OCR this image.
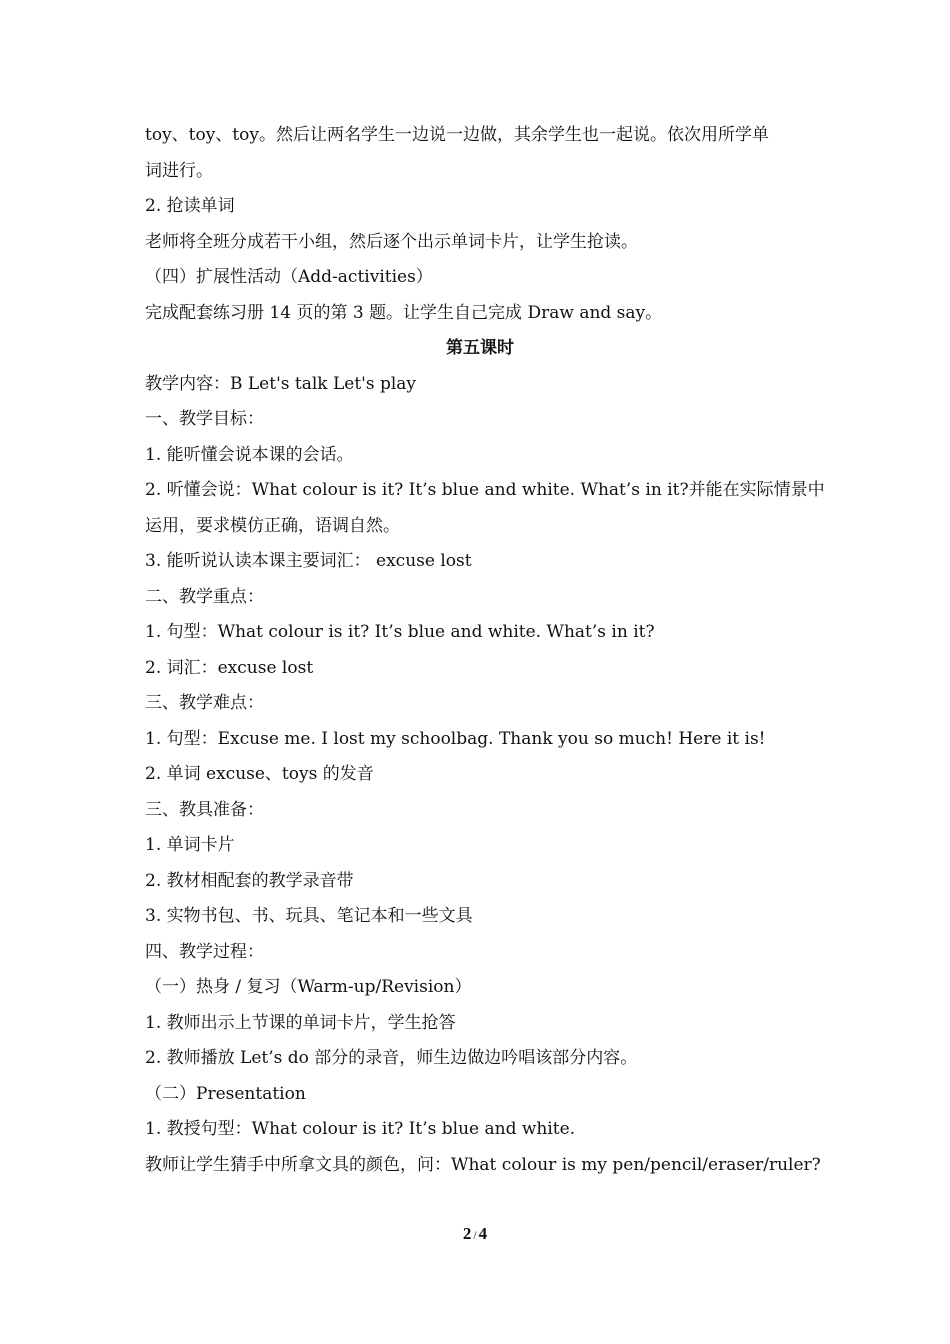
toy、toy、toy。然后让两名学生一边说一边做，其余学生也一起说。依次用所学单
词进行。
2. 抢读单词
老师将全班分成若干小组，然后逐个出示单词卡片，让学生抢读。
（四）扩展性活动（Add-activities）
完成配套练习册 14 页的第 3 题。让学生自己完成 Draw and say。
第五课时
教学内容：B Let's talk Let's play
一、教学目标：
1. 能听懂会说本课的会话。
2. 听懂会说：What colour is it? It’s blue and white. What’s in it?并能在实际情景中
运用，要求模仿正确，语调自然。
3. 能听说认读本课主要词汇： excuse lost
二、教学重点：
1. 句型：What colour is it? It’s blue and white. What’s in it?
2. 词汇：excuse lost
三、教学难点：
1. 句型：Excuse me. I lost my schoolbag. Thank you so much! Here it is!
2. 单词 excuse、toys 的发音
三、教具准备：
1. 单词卡片
2. 教材相配套的教学录音带
3. 实物书包、书、玩具、笔记本和一些文具
四、教学过程：
（一）热身 / 复习（Warm-up/Revision）
1. 教师出示上节课的单词卡片，学生抢答
2. 教师播放 Let’s do 部分的录音，师生边做边吟唱该部分内容。
（二）Presentation
1. 教授句型：What colour is it? It’s blue and white.
教师让学生猜手中所拿文具的颜色，问：What colour is my pen/pencil/eraser/ruler?
2 / 4
